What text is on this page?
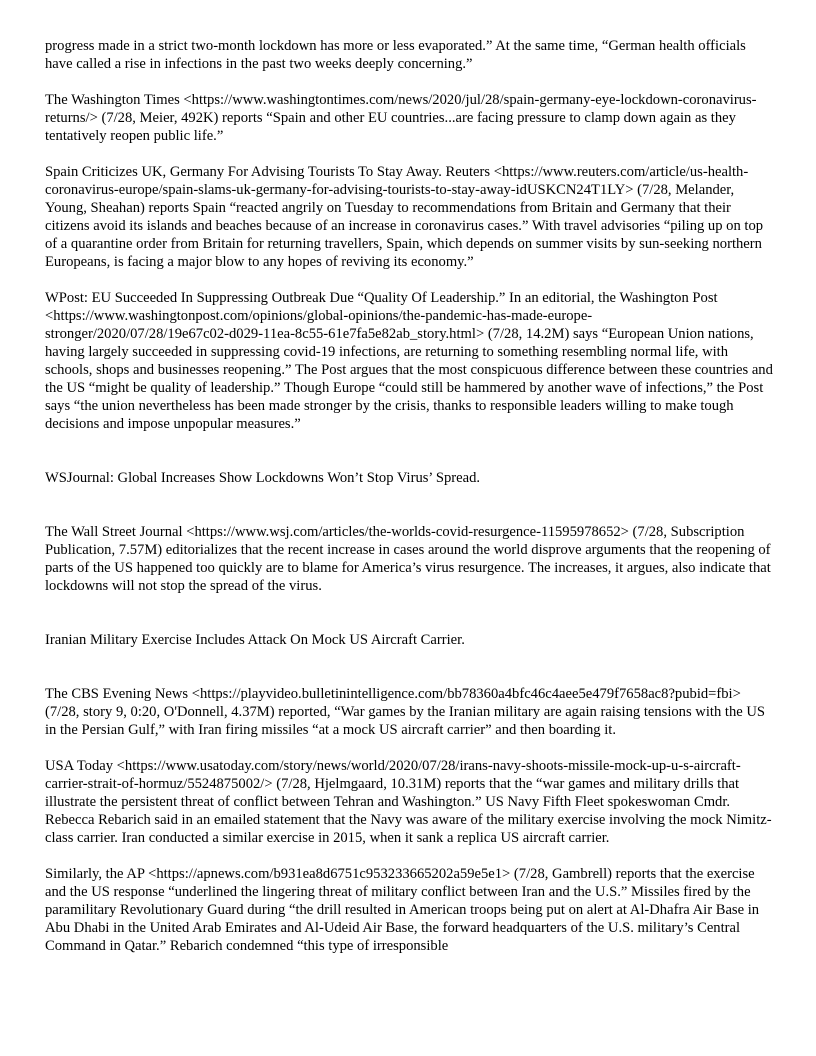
progress made in a strict two-month lockdown has more or less evaporated.” At the same time, “German health officials have called a rise in infections in the past two weeks deeply concerning.”

The Washington Times <https://www.washingtontimes.com/news/2020/jul/28/spain-germany-eye-lockdown-coronavirus-returns/> (7/28, Meier, 492K) reports “Spain and other EU countries...are facing pressure to clamp down again as they tentatively reopen public life.”

Spain Criticizes UK, Germany For Advising Tourists To Stay Away. Reuters <https://www.reuters.com/article/us-health-coronavirus-europe/spain-slams-uk-germany-for-advising-tourists-to-stay-away-idUSKCN24T1LY> (7/28, Melander, Young, Sheahan) reports Spain “reacted angrily on Tuesday to recommendations from Britain and Germany that their citizens avoid its islands and beaches because of an increase in coronavirus cases.” With travel advisories “piling up on top of a quarantine order from Britain for returning travellers, Spain, which depends on summer visits by sun-seeking northern Europeans, is facing a major blow to any hopes of reviving its economy.”

WPost: EU Succeeded In Suppressing Outbreak Due “Quality Of Leadership.” In an editorial, the Washington Post <https://www.washingtonpost.com/opinions/global-opinions/the-pandemic-has-made-europe-stronger/2020/07/28/19e67c02-d029-11ea-8c55-61e7fa5e82ab_story.html> (7/28, 14.2M) says “European Union nations, having largely succeeded in suppressing covid-19 infections, are returning to something resembling normal life, with schools, shops and businesses reopening.” The Post argues that the most conspicuous difference between these countries and the US “might be quality of leadership.” Though Europe “could still be hammered by another wave of infections,” the Post says “the union nevertheless has been made stronger by the crisis, thanks to responsible leaders willing to make tough decisions and impose unpopular measures.”

WSJournal: Global Increases Show Lockdowns Won’t Stop Virus’ Spread.

The Wall Street Journal <https://www.wsj.com/articles/the-worlds-covid-resurgence-11595978652> (7/28, Subscription Publication, 7.57M) editorializes that the recent increase in cases around the world disprove arguments that the reopening of parts of the US happened too quickly are to blame for America’s virus resurgence. The increases, it argues, also indicate that lockdowns will not stop the spread of the virus.

Iranian Military Exercise Includes Attack On Mock US Aircraft Carrier.

The CBS Evening News <https://playvideo.bulletinintelligence.com/bb78360a4bfc46c4aee5e479f7658ac8?pubid=fbi> (7/28, story 9, 0:20, O'Donnell, 4.37M) reported, “War games by the Iranian military are again raising tensions with the US in the Persian Gulf,” with Iran firing missiles “at a mock US aircraft carrier” and then boarding it.

USA Today <https://www.usatoday.com/story/news/world/2020/07/28/irans-navy-shoots-missile-mock-up-u-s-aircraft-carrier-strait-of-hormuz/5524875002/> (7/28, Hjelmgaard, 10.31M) reports that the “war games and military drills that illustrate the persistent threat of conflict between Tehran and Washington.” US Navy Fifth Fleet spokeswoman Cmdr. Rebecca Rebarich said in an emailed statement that the Navy was aware of the military exercise involving the mock Nimitz-class carrier. Iran conducted a similar exercise in 2015, when it sank a replica US aircraft carrier.

Similarly, the AP <https://apnews.com/b931ea8d6751c953233665202a59e5e1> (7/28, Gambrell) reports that the exercise and the US response “underlined the lingering threat of military conflict between Iran and the U.S.” Missiles fired by the paramilitary Revolutionary Guard during “the drill resulted in American troops being put on alert at Al-Dhafra Air Base in Abu Dhabi in the United Arab Emirates and Al-Udeid Air Base, the forward headquarters of the U.S. military’s Central Command in Qatar.” Rebarich condemned “this type of irresponsible
